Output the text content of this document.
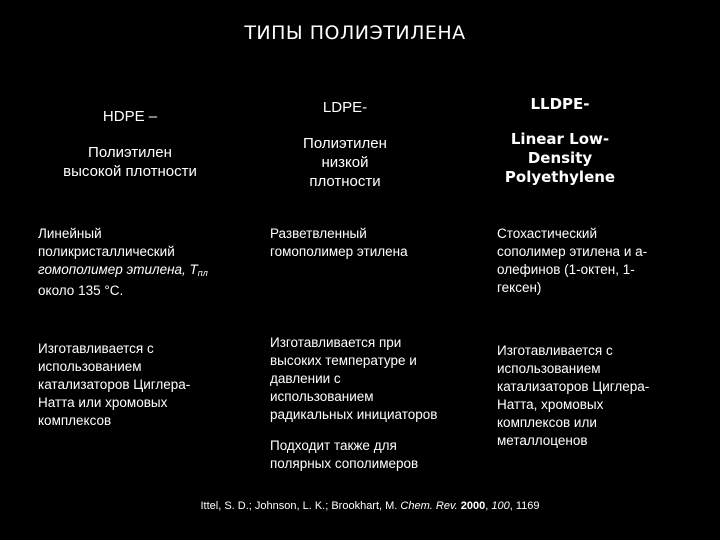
ТИПЫ ПОЛИЭТИЛЕНА
HDPE –
Полиэтилен
высокой плотности
Линейный
поликристаллический
гомополимер этилена, $T_{пл}$
около 135 °C.
Изготавливается с
использованием
катализаторов Циглера-
Натта или хромовых
комплексов
LDPE-
Полиэтилен
низкой
плотности
Разветвленный
гомополимер этилена
Изготавливается при
высоких температуре и
давлении с
использованием
радикальных инициаторов
Подходит также для
полярных сополимеров
LLDPE-
Linear Low-
Density
Polyethylene
Стохастический
сополимер этилена и a-
олефинов (1-октен, 1-
гексен)
Изготавливается с
использованием
катализаторов Циглера-
Натта, хромовых
комплексов или
металлоценов
Ittel, S. D.; Johnson, L. K.; Brookhart, M. Chem. Rev. 2000, 100, 1169
